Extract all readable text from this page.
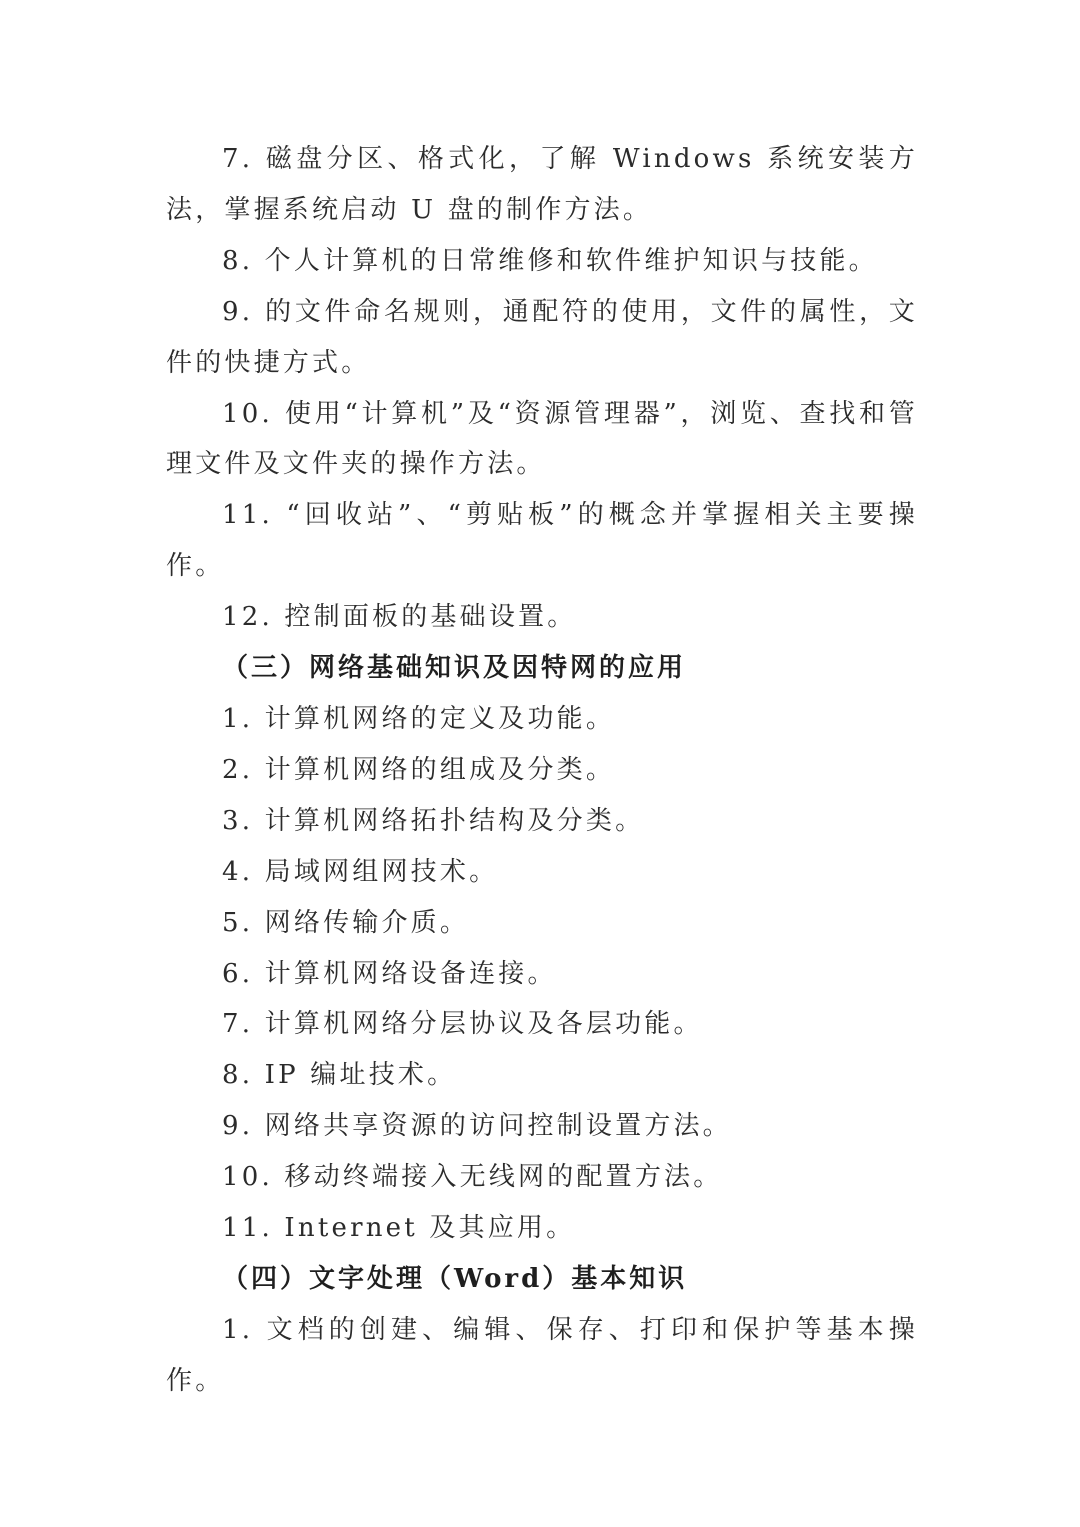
7. 磁盘分区、格式化，了解 Windows 系统安装方法，掌握系统启动 U 盘的制作方法。

8. 个人计算机的日常维修和软件维护知识与技能。

9. 的文件命名规则，通配符的使用，文件的属性，文件的快捷方式。

10. 使用“计算机”及“资源管理器”，浏览、查找和管理文件及文件夹的操作方法。

11. “回收站”、“剪贴板”的概念并掌握相关主要操作。

12. 控制面板的基础设置。

（三）网络基础知识及因特网的应用

1. 计算机网络的定义及功能。

2. 计算机网络的组成及分类。

3. 计算机网络拓扑结构及分类。

4. 局域网组网技术。

5. 网络传输介质。

6. 计算机网络设备连接。

7. 计算机网络分层协议及各层功能。

8. IP 编址技术。

9. 网络共享资源的访问控制设置方法。

10. 移动终端接入无线网的配置方法。

11. Internet 及其应用。

（四）文字处理（Word）基本知识

1. 文档的创建、编辑、保存、打印和保护等基本操作。
